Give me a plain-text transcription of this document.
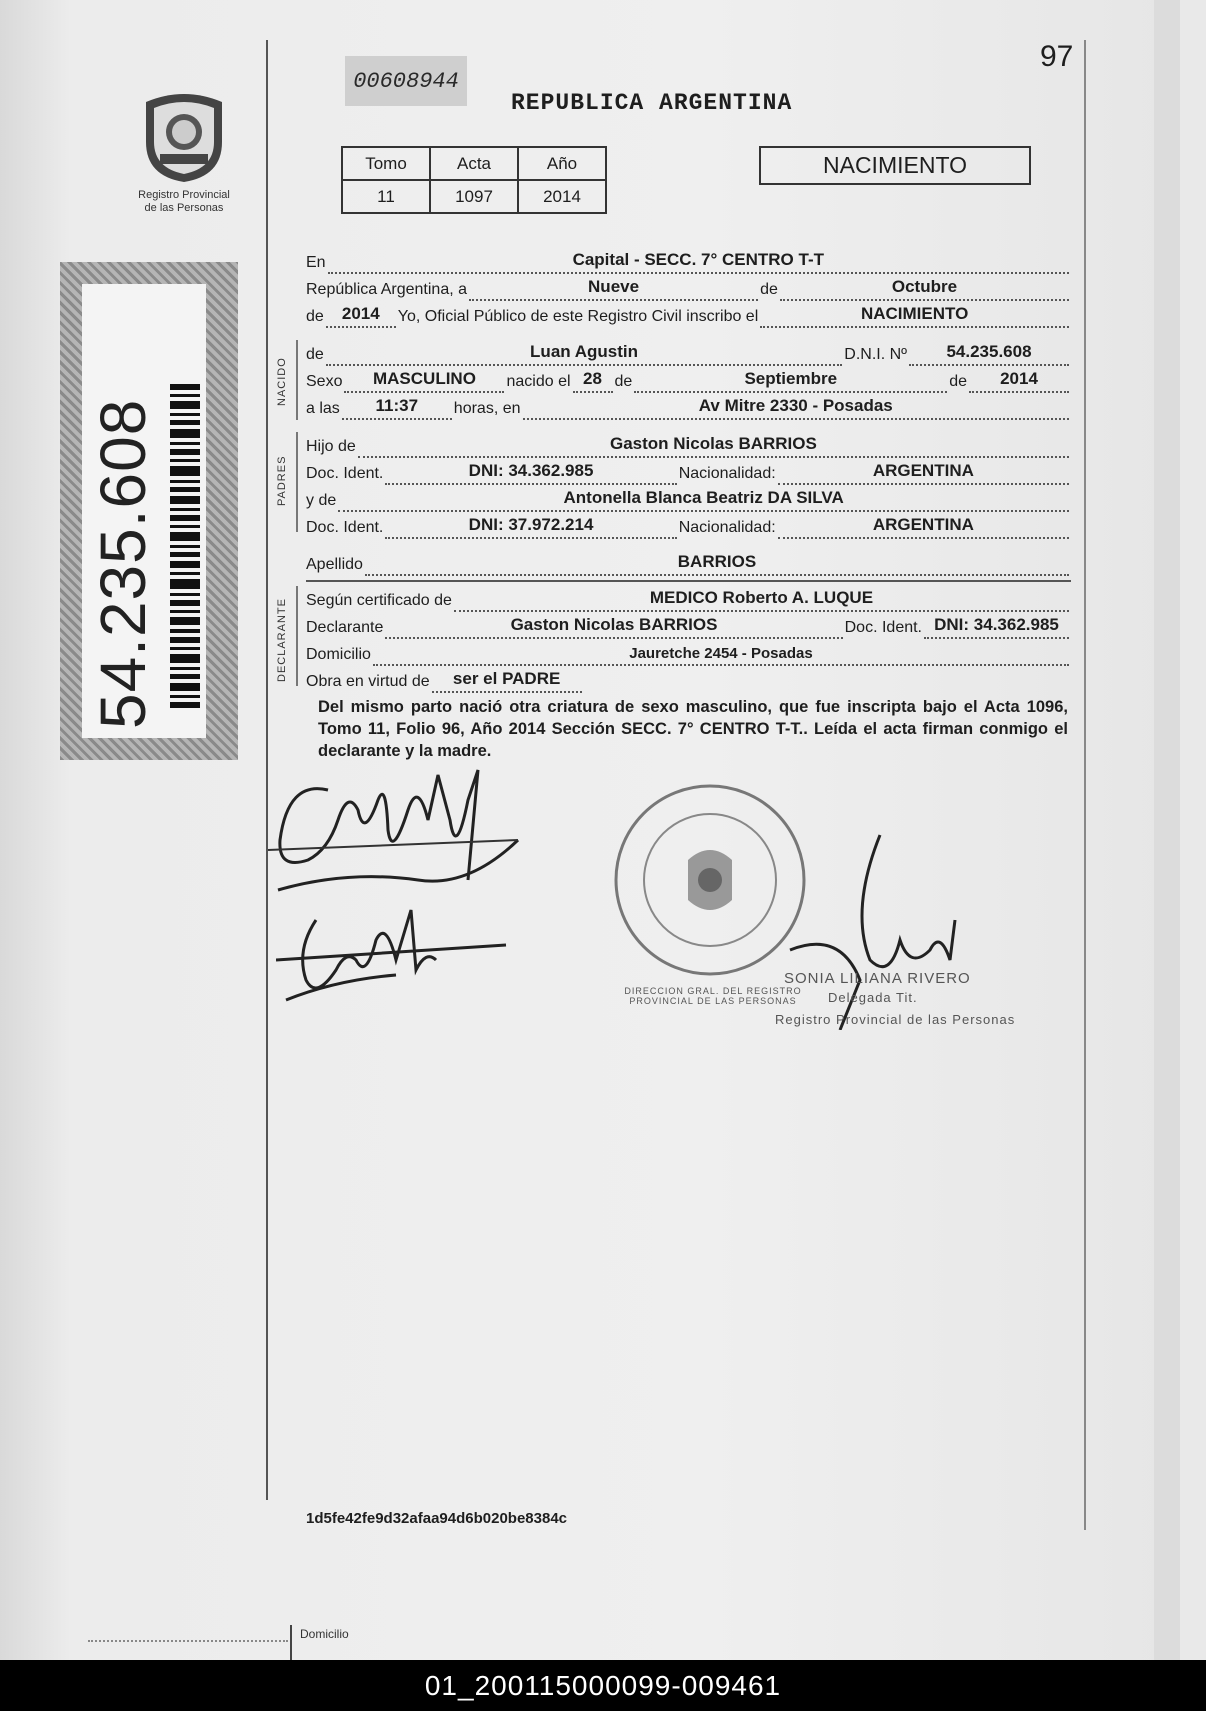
Registro Provincial
de las Personas
54.235.608
00608944
REPUBLICA ARGENTINA
97
Tomo	Acta	Año
11	1097	2014
NACIMIENTO
En	Capital - SECC. 7° CENTRO T-T
República Argentina, a	Nueve	de	Octubre
de	2014	Yo, Oficial Público de este Registro Civil inscribo el	NACIMIENTO
NACIDO
de	Luan Agustin	D.N.I. Nº	54.235.608
Sexo	MASCULINO	nacido el 28 de	Septiembre	de	2014
a las	11:37	horas, en	Av Mitre 2330 - Posadas
PADRES
Hijo de	Gaston Nicolas BARRIOS
Doc. Ident.	DNI: 34.362.985	Nacionalidad:	ARGENTINA
y de	Antonella Blanca Beatriz DA SILVA
Doc. Ident.	DNI: 37.972.214	Nacionalidad:	ARGENTINA
Apellido	BARRIOS
DECLARANTE Según certificado de	MEDICO Roberto A. LUQUE
Declarante	Gaston Nicolas BARRIOS	Doc. Ident. DNI: 34.362.985
Domicilio	Jauretche 2454 - Posadas
Obra en virtud de	ser el PADRE
Del mismo parto nació otra criatura de sexo masculino, que fue inscripta bajo el Acta 1096, Tomo 11, Folio 96, Año 2014 Sección SECC. 7° CENTRO T-T.. Leída el acta firman conmigo el declarante y la madre.
DIRECCION GRAL. DEL REGISTRO PROVINCIAL DE LAS PERSONAS
SONIA LILIANA RIVERO
Delegada Tit.
Registro Provincial de las Personas
1d5fe42fe9d32afaa94d6b020be8384c
Domicilio
01_200115000099-009461
